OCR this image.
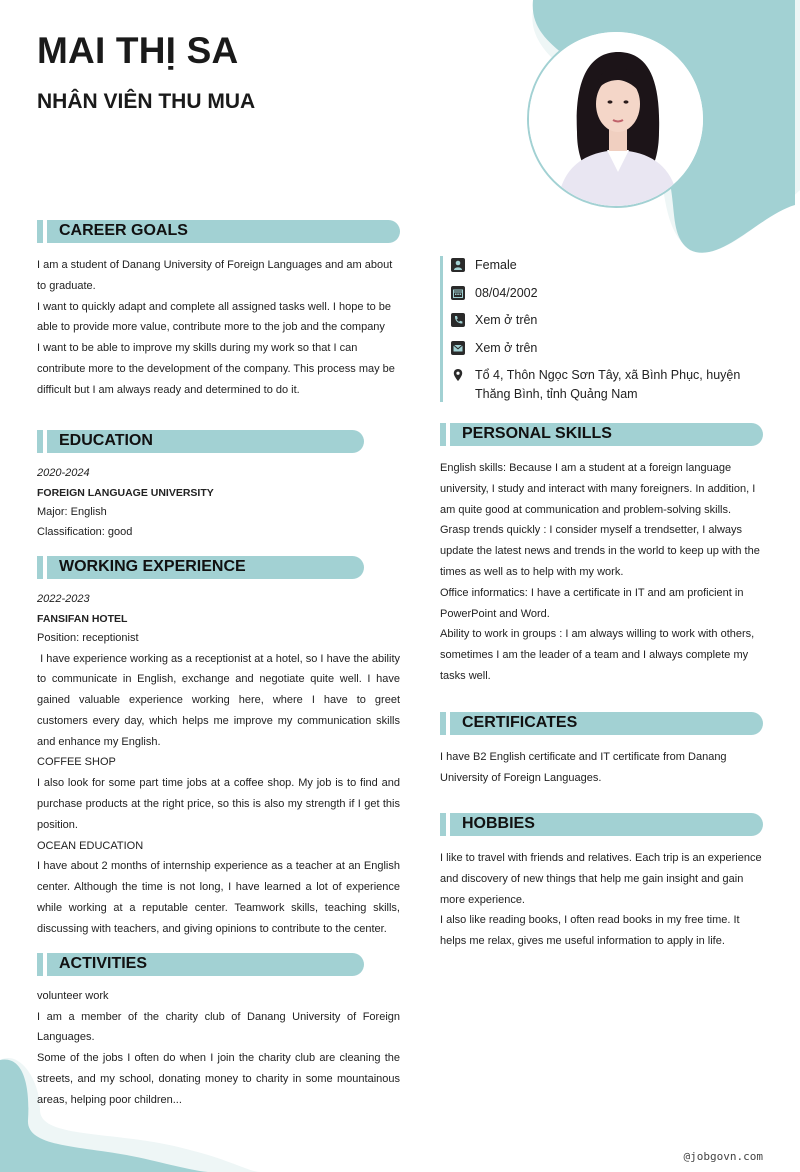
MAI THỊ SA
NHÂN VIÊN THU MUA
CAREER GOALS

I am a student of Danang University of Foreign Languages and am about to graduate.

I want to quickly adapt and complete all assigned tasks well. I hope to be able to provide more value, contribute more to the job and the company

I want to be able to improve my skills during my work so that I can contribute more to the development of the company. This process may be difficult but I am always ready and determined to do it.

EDUCATION

2020-2024

FOREIGN LANGUAGE UNIVERSITY

Major: English

Classification: good

WORKING EXPERIENCE

2022-2023

FANSIFAN HOTEL

Position: receptionist

I have experience working as a receptionist at a hotel, so I have the ability to communicate in English, exchange and negotiate quite well. I have gained valuable experience working here, where I have to greet customers every day, which helps me improve my communication skills and enhance my English.

COFFEE SHOP

I also look for some part time jobs at a coffee shop. My job is to find and purchase products at the right price, so this is also my strength if I get this position.

OCEAN EDUCATION

I have about 2 months of internship experience as a teacher at an English center. Although the time is not long, I have learned a lot of experience while working at a reputable center. Teamwork skills, teaching skills, discussing with teachers, and giving opinions to contribute to the center.

ACTIVITIES

volunteer work

I am a member of the charity club of Danang University of Foreign Languages.

Some of the jobs I often do when I join the charity club are cleaning the streets, and my school, donating money to charity in some mountainous areas, helping poor children...

Female
08/04/2002
Xem ở trên
Xem ở trên
Tổ 4, Thôn Ngọc Sơn Tây, xã Bình Phục, huyện Thăng Bình, tỉnh Quảng Nam
PERSONAL SKILLS

English skills: Because I am a student at a foreign language university, I study and interact with many foreigners. In addition, I am quite good at communication and problem-solving skills.

Grasp trends quickly : I consider myself a trendsetter, I always update the latest news and trends in the world to keep up with the times as well as to help with my work.

Office informatics: I have a certificate in IT and am proficient in PowerPoint and Word.

Ability to work in groups : I am always willing to work with others, sometimes I am the leader of a team and I always complete my tasks well.

CERTIFICATES

I have B2 English certificate and IT certificate from Danang University of Foreign Languages.

HOBBIES

I like to travel with friends and relatives. Each trip is an experience and discovery of new things that help me gain insight and gain more experience.

I also like reading books, I often read books in my free time. It helps me relax, gives me useful information to apply in life.

@jobgovn.com
